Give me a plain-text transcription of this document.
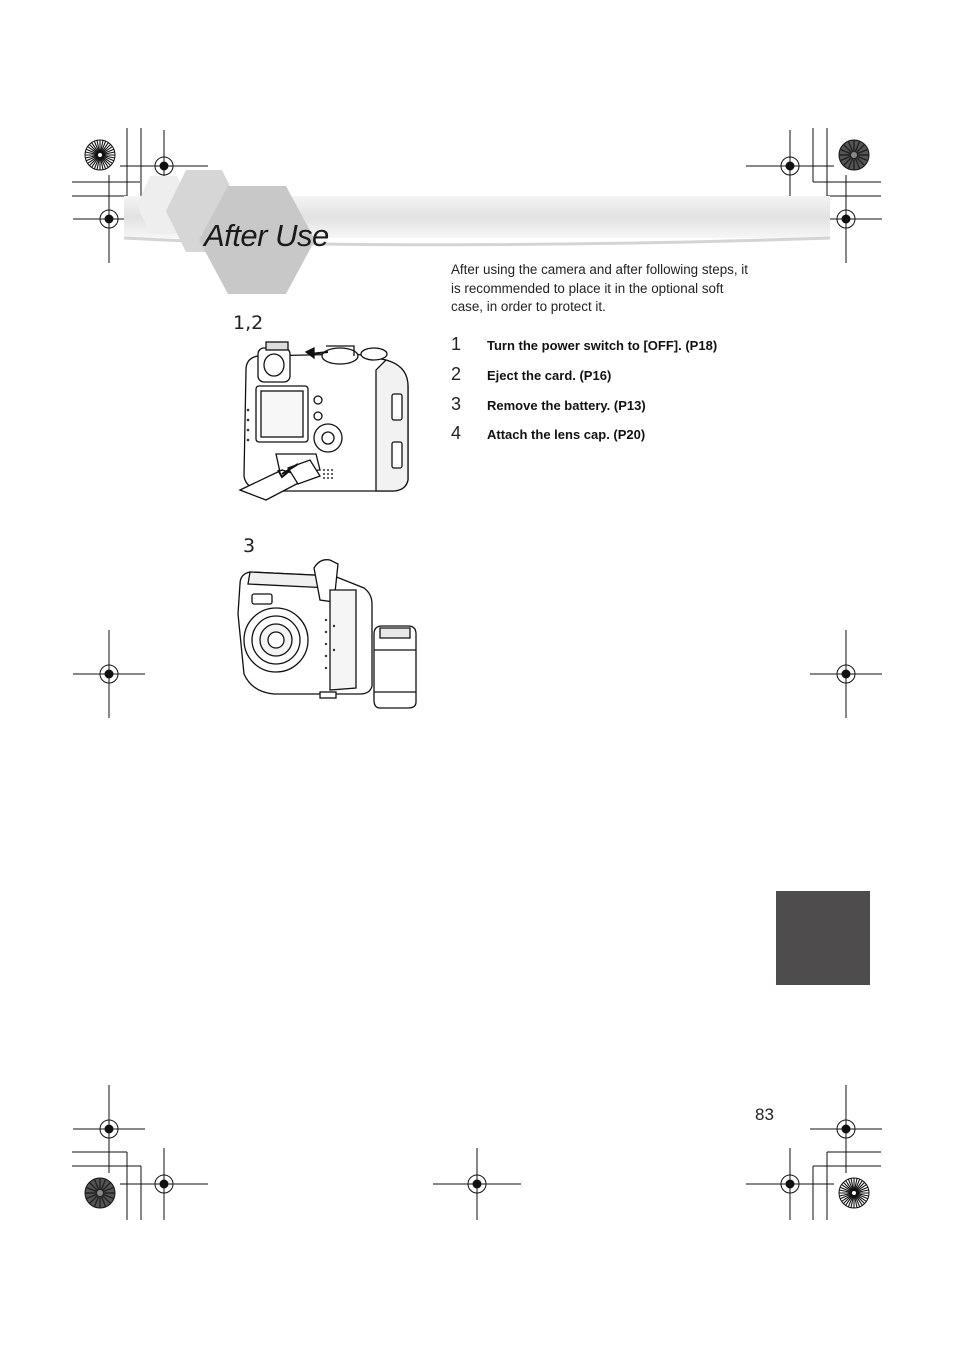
After Use
After using the camera and after following steps, it is recommended to place it in the optional soft case, in order to protect it.
1 Turn the power switch to [OFF]. (P18)
2 Eject the card. (P16)
3 Remove the battery. (P13)
4 Attach the lens cap. (P20)
1,2
3
83
